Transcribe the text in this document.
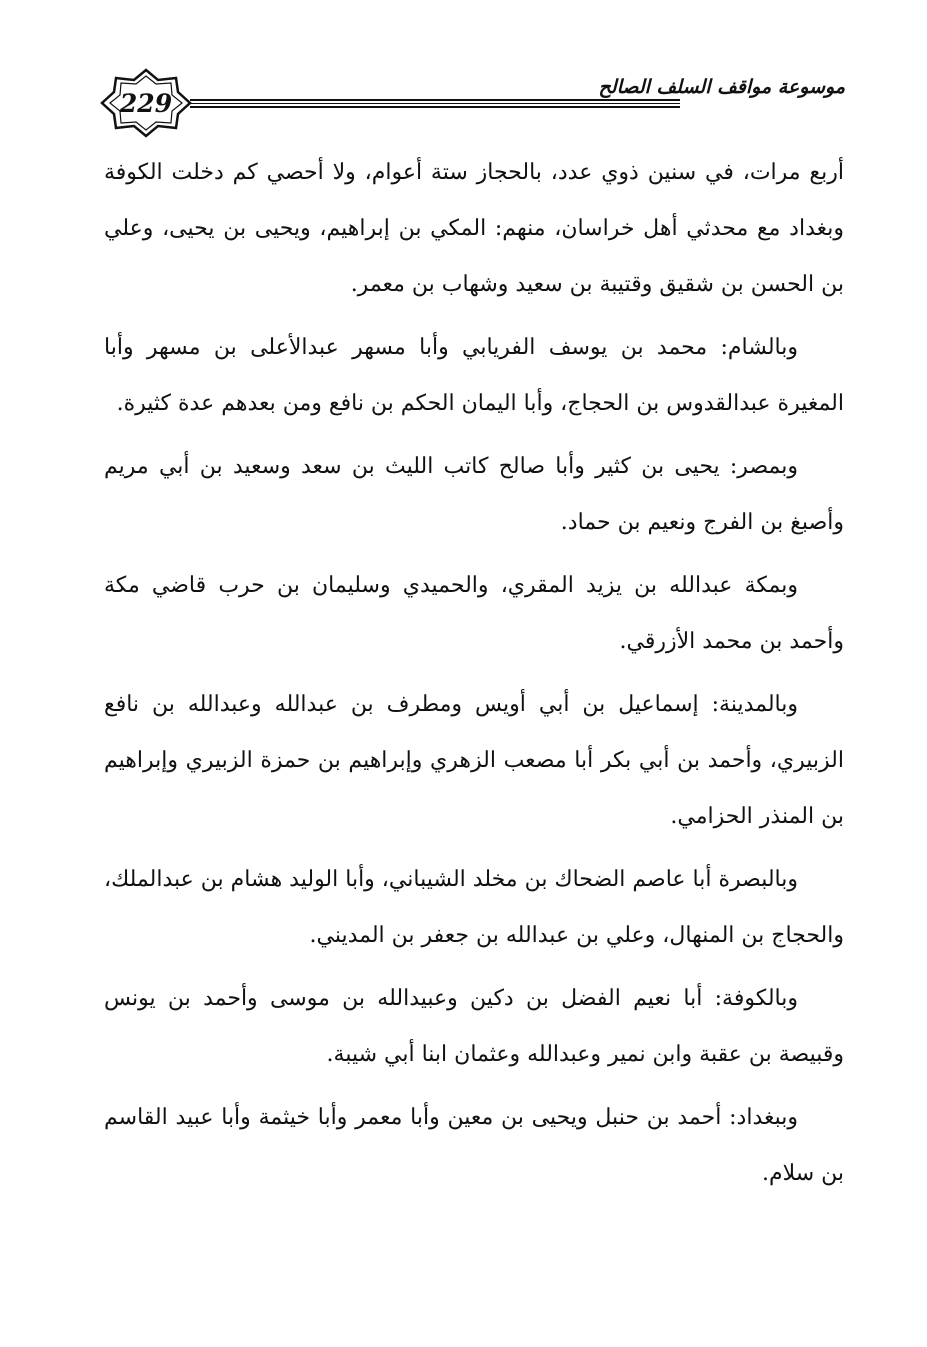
229
موسوعة مواقف السلف الصالح

أربع مرات، في سنين ذوي عدد، بالحجاز ستة أعوام، ولا أحصي كم دخلت الكوفة وبغداد مع محدثي أهل خراسان، منهم: المكي بن إبراهيم، ويحيى بن يحيى، وعلي بن الحسن بن شقيق وقتيبة بن سعيد وشهاب بن معمر.

وبالشام: محمد بن يوسف الفريابي وأبا مسهر عبدالأعلى بن مسهر وأبا المغيرة عبدالقدوس بن الحجاج، وأبا اليمان الحكم بن نافع ومن بعدهم عدة كثيرة.

وبمصر: يحيى بن كثير وأبا صالح كاتب الليث بن سعد وسعيد بن أبي مريم وأصبغ بن الفرج ونعيم بن حماد.

وبمكة عبدالله بن يزيد المقري، والحميدي وسليمان بن حرب قاضي مكة وأحمد بن محمد الأزرقي.

وبالمدينة: إسماعيل بن أبي أويس ومطرف بن عبدالله وعبدالله بن نافع الزبيري، وأحمد بن أبي بكر أبا مصعب الزهري وإبراهيم بن حمزة الزبيري وإبراهيم بن المنذر الحزامي.

وبالبصرة أبا عاصم الضحاك بن مخلد الشيباني، وأبا الوليد هشام بن عبدالملك، والحجاج بن المنهال، وعلي بن عبدالله بن جعفر بن المديني.

وبالكوفة: أبا نعيم الفضل بن دكين وعبيدالله بن موسى وأحمد بن يونس وقبيصة بن عقبة وابن نمير وعبدالله وعثمان ابنا أبي شيبة.

وببغداد: أحمد بن حنبل ويحيى بن معين وأبا معمر وأبا خيثمة وأبا عبيد القاسم بن سلام.
